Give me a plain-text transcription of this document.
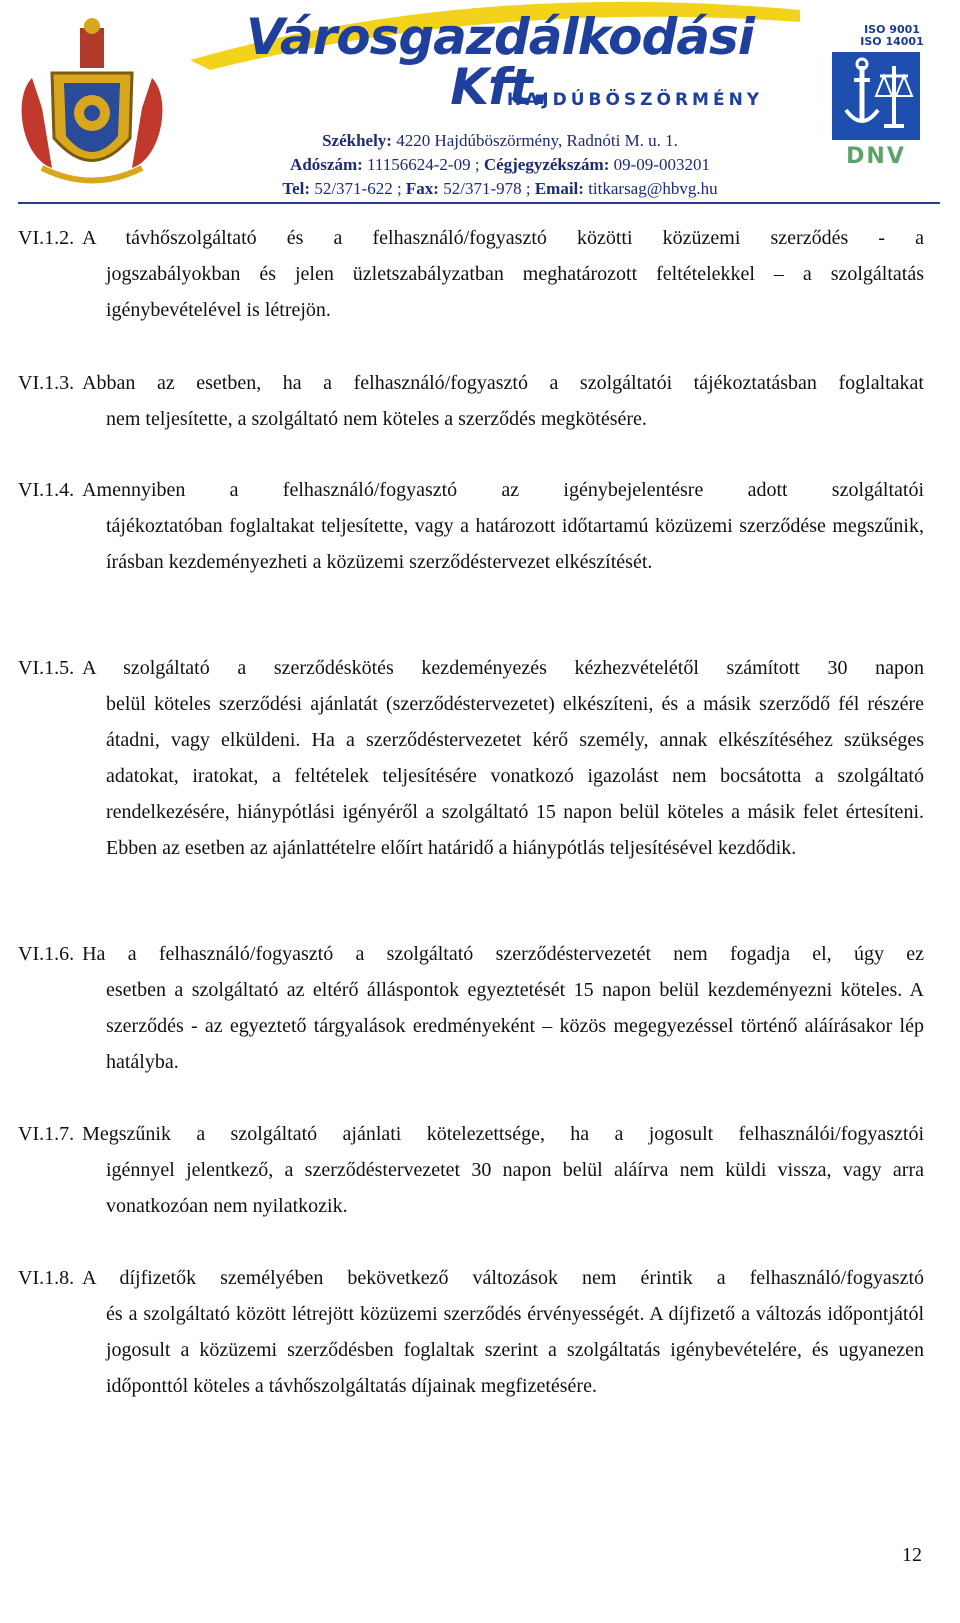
Városgazdálkodási Kft.
HAJDÚBÖSZÖRMÉNY
Székhely: 4220 Hajdúböszörmény, Radnóti M. u. 1.
Adószám: 11156624-2-09 ; Cégjegyzékszám: 09-09-003201
Tel: 52/371-622 ; Fax: 52/371-978 ; Email: titkarsag@hbvg.hu
ISO 9001
ISO 14001
DNV
VI.1.2. A távhőszolgáltató és a felhasználó/fogyasztó közötti közüzemi szerződés - a
jogszabályokban és jelen üzletszabályzatban meghatározott feltételekkel – a szolgáltatás igénybevételével is létrejön.
VI.1.3. Abban az esetben, ha a felhasználó/fogyasztó a szolgáltatói tájékoztatásban foglaltakat
nem teljesítette, a szolgáltató nem köteles a szerződés megkötésére.
VI.1.4. Amennyiben a felhasználó/fogyasztó az igénybejelentésre adott szolgáltatói
tájékoztatóban foglaltakat teljesítette, vagy a határozott időtartamú közüzemi szerződése megszűnik, írásban kezdeményezheti a közüzemi szerződéstervezet elkészítését.
VI.1.5. A szolgáltató a szerződéskötés kezdeményezés kézhezvételétől számított 30 napon
belül köteles szerződési ajánlatát (szerződéstervezetet) elkészíteni, és a másik szerződő fél részére átadni, vagy elküldeni. Ha a szerződéstervezetet kérő személy, annak elkészítéséhez szükséges adatokat, iratokat, a feltételek teljesítésére vonatkozó igazolást nem bocsátotta a szolgáltató rendelkezésére, hiánypótlási igényéről a szolgáltató 15 napon belül köteles a másik felet értesíteni. Ebben az esetben az ajánlattételre előírt határidő a hiánypótlás teljesítésével kezdődik.
VI.1.6. Ha a felhasználó/fogyasztó a szolgáltató szerződéstervezetét nem fogadja el, úgy ez
esetben a szolgáltató az eltérő álláspontok egyeztetését 15 napon belül kezdeményezni köteles. A szerződés - az egyeztető tárgyalások eredményeként – közös megegyezéssel történő aláírásakor lép hatályba.
VI.1.7. Megszűnik a szolgáltató ajánlati kötelezettsége, ha a jogosult felhasználói/fogyasztói
igénnyel jelentkező, a szerződéstervezetet 30 napon belül aláírva nem küldi vissza, vagy arra vonatkozóan nem nyilatkozik.
VI.1.8. A díjfizetők személyében bekövetkező változások nem érintik a felhasználó/fogyasztó
és a szolgáltató között létrejött közüzemi szerződés érvényességét. A díjfizető a változás időpontjától jogosult a közüzemi szerződésben foglaltak szerint a szolgáltatás igénybevételére, és ugyanezen időponttól köteles a távhőszolgáltatás díjainak megfizetésére.
12
